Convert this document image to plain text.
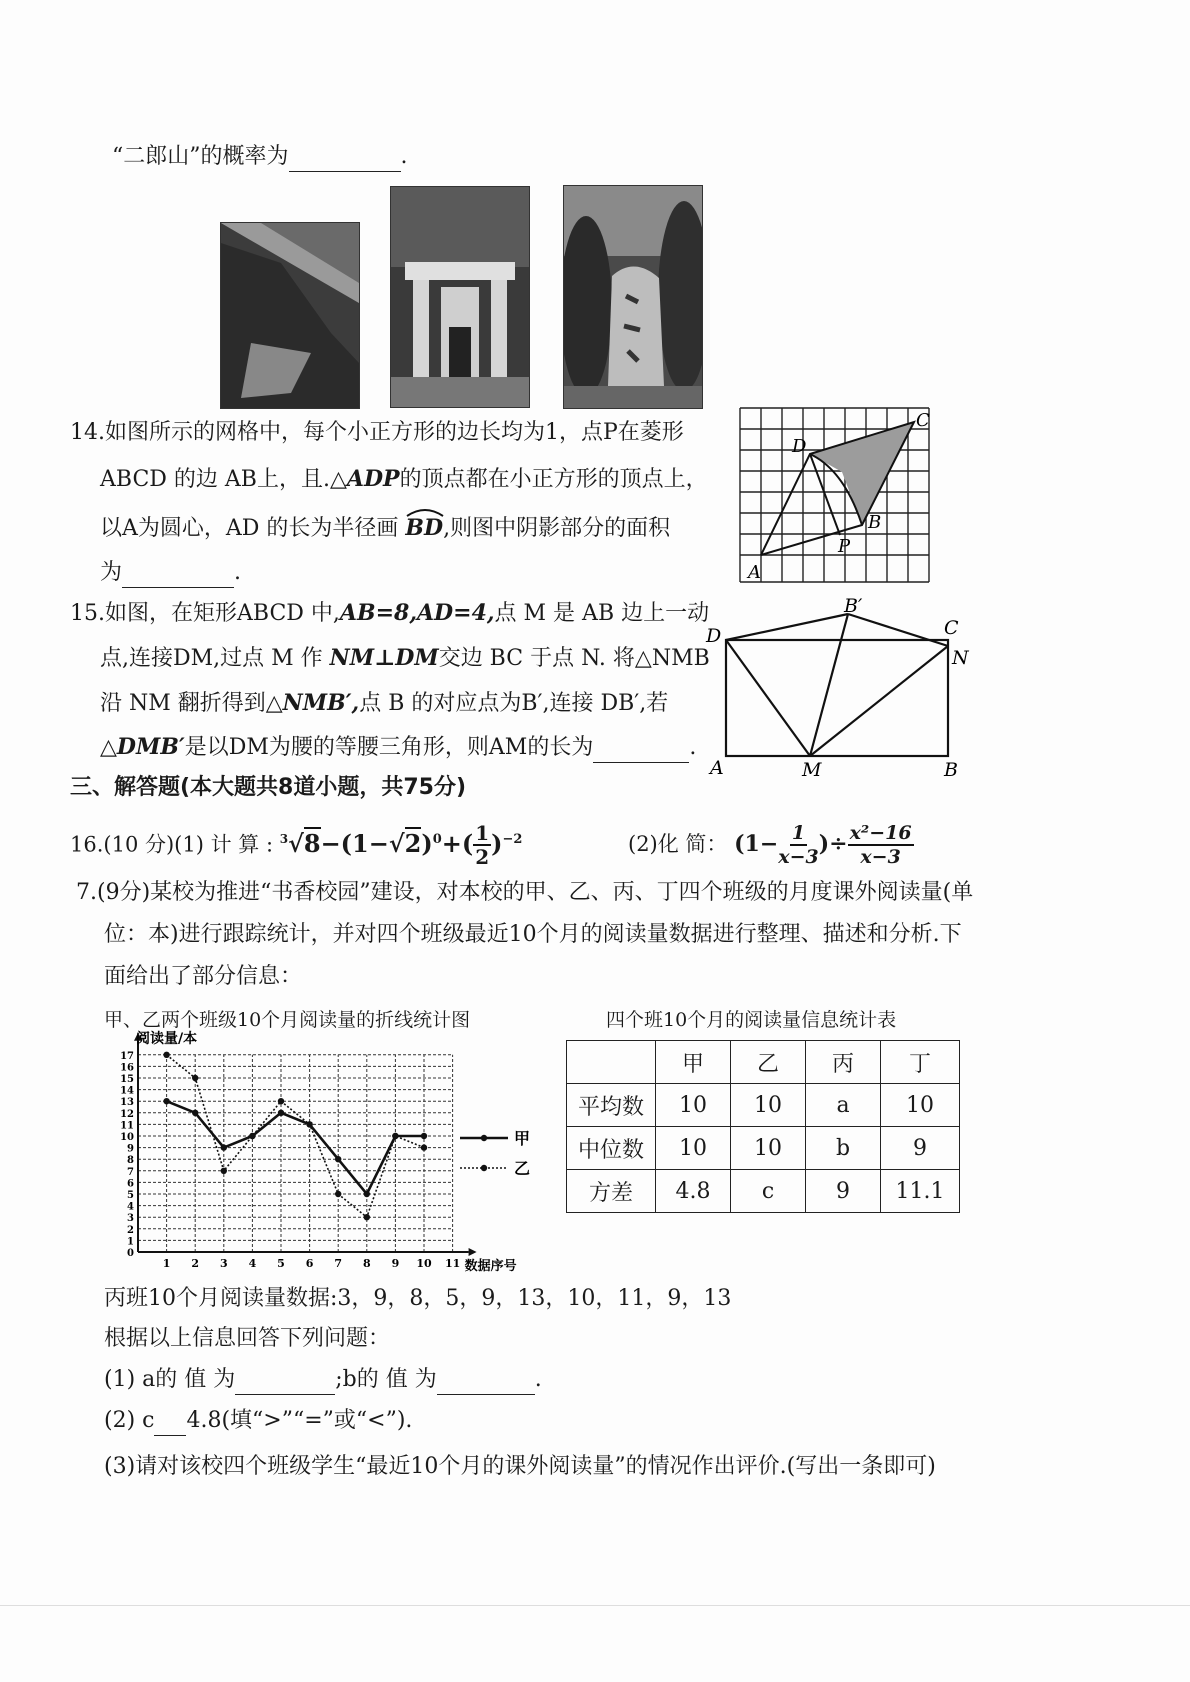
“二郎山”的概率为	.
14.如图所示的网格中，每个小正方形的边长均为1，点P在菱形
ABCD 的边 AB上，且.△ADP的顶点都在小正方形的顶点上，
以A为圆心，AD 的长为半径画 BD
,则图中阴影部分的面积
为	.	A
B
C
D
P
15.如图，在矩形ABCD 中,AB=8,AD=4,点 M 是 AB 边上一动
点,连接DM,过点 M 作 NM⊥DM交边 BC 于点 N. 将△NMB
沿 NM 翻折得到△NMB′,点 B 的对应点为B′,连接 DB′,若
△DMB′是以DM为腰的等腰三角形，则AM的长为	.
A	M	B
D	C
N
B′
三、解答题(本大题共8道小题，共75分)
16.(10 分)(1) 计 算 : $^3√8-(1-√2)^0+( \frac{1}{2} )^{-2}$	(2)化 简： ($1- \frac{1}{x-3}$ )÷ $\frac{\text{x²−16}}{x-3}$
7.(9分)某校为推进“书香校园”建设，对本校的甲、乙、丙、丁四个班级的月度课外阅读量(单
位：本)进行跟踪统计，并对四个班级最近10个月的阅读量数据进行整理、描述和分析.下
面给出了部分信息：
甲、乙两个班级10个月阅读量的折线统计图	四个班10个月的阅读量信息统计表
阅读量/本
数据序号
1 2 3 4 5 6 7 8 9 10 11
0
1
2
3
4
5
6
7
8
9
10
11
12
13
14
15
16
17
甲
乙
	甲	乙	丙	丁
平均数	10	10	a	10
中位数	10	10	b	9
方差	4.8	c	9	11.1
丙班10个月阅读量数据:3，9，8，5，9，13，10，11，9，13
根据以上信息回答下列问题：
(1) a的 值 为	;b的 值 为	.
(2) c 4.8(填“>”“=”或“<”).
(3)请对该校四个班级学生“最近10个月的课外阅读量”的情况作出评价.(写出一条即可)
